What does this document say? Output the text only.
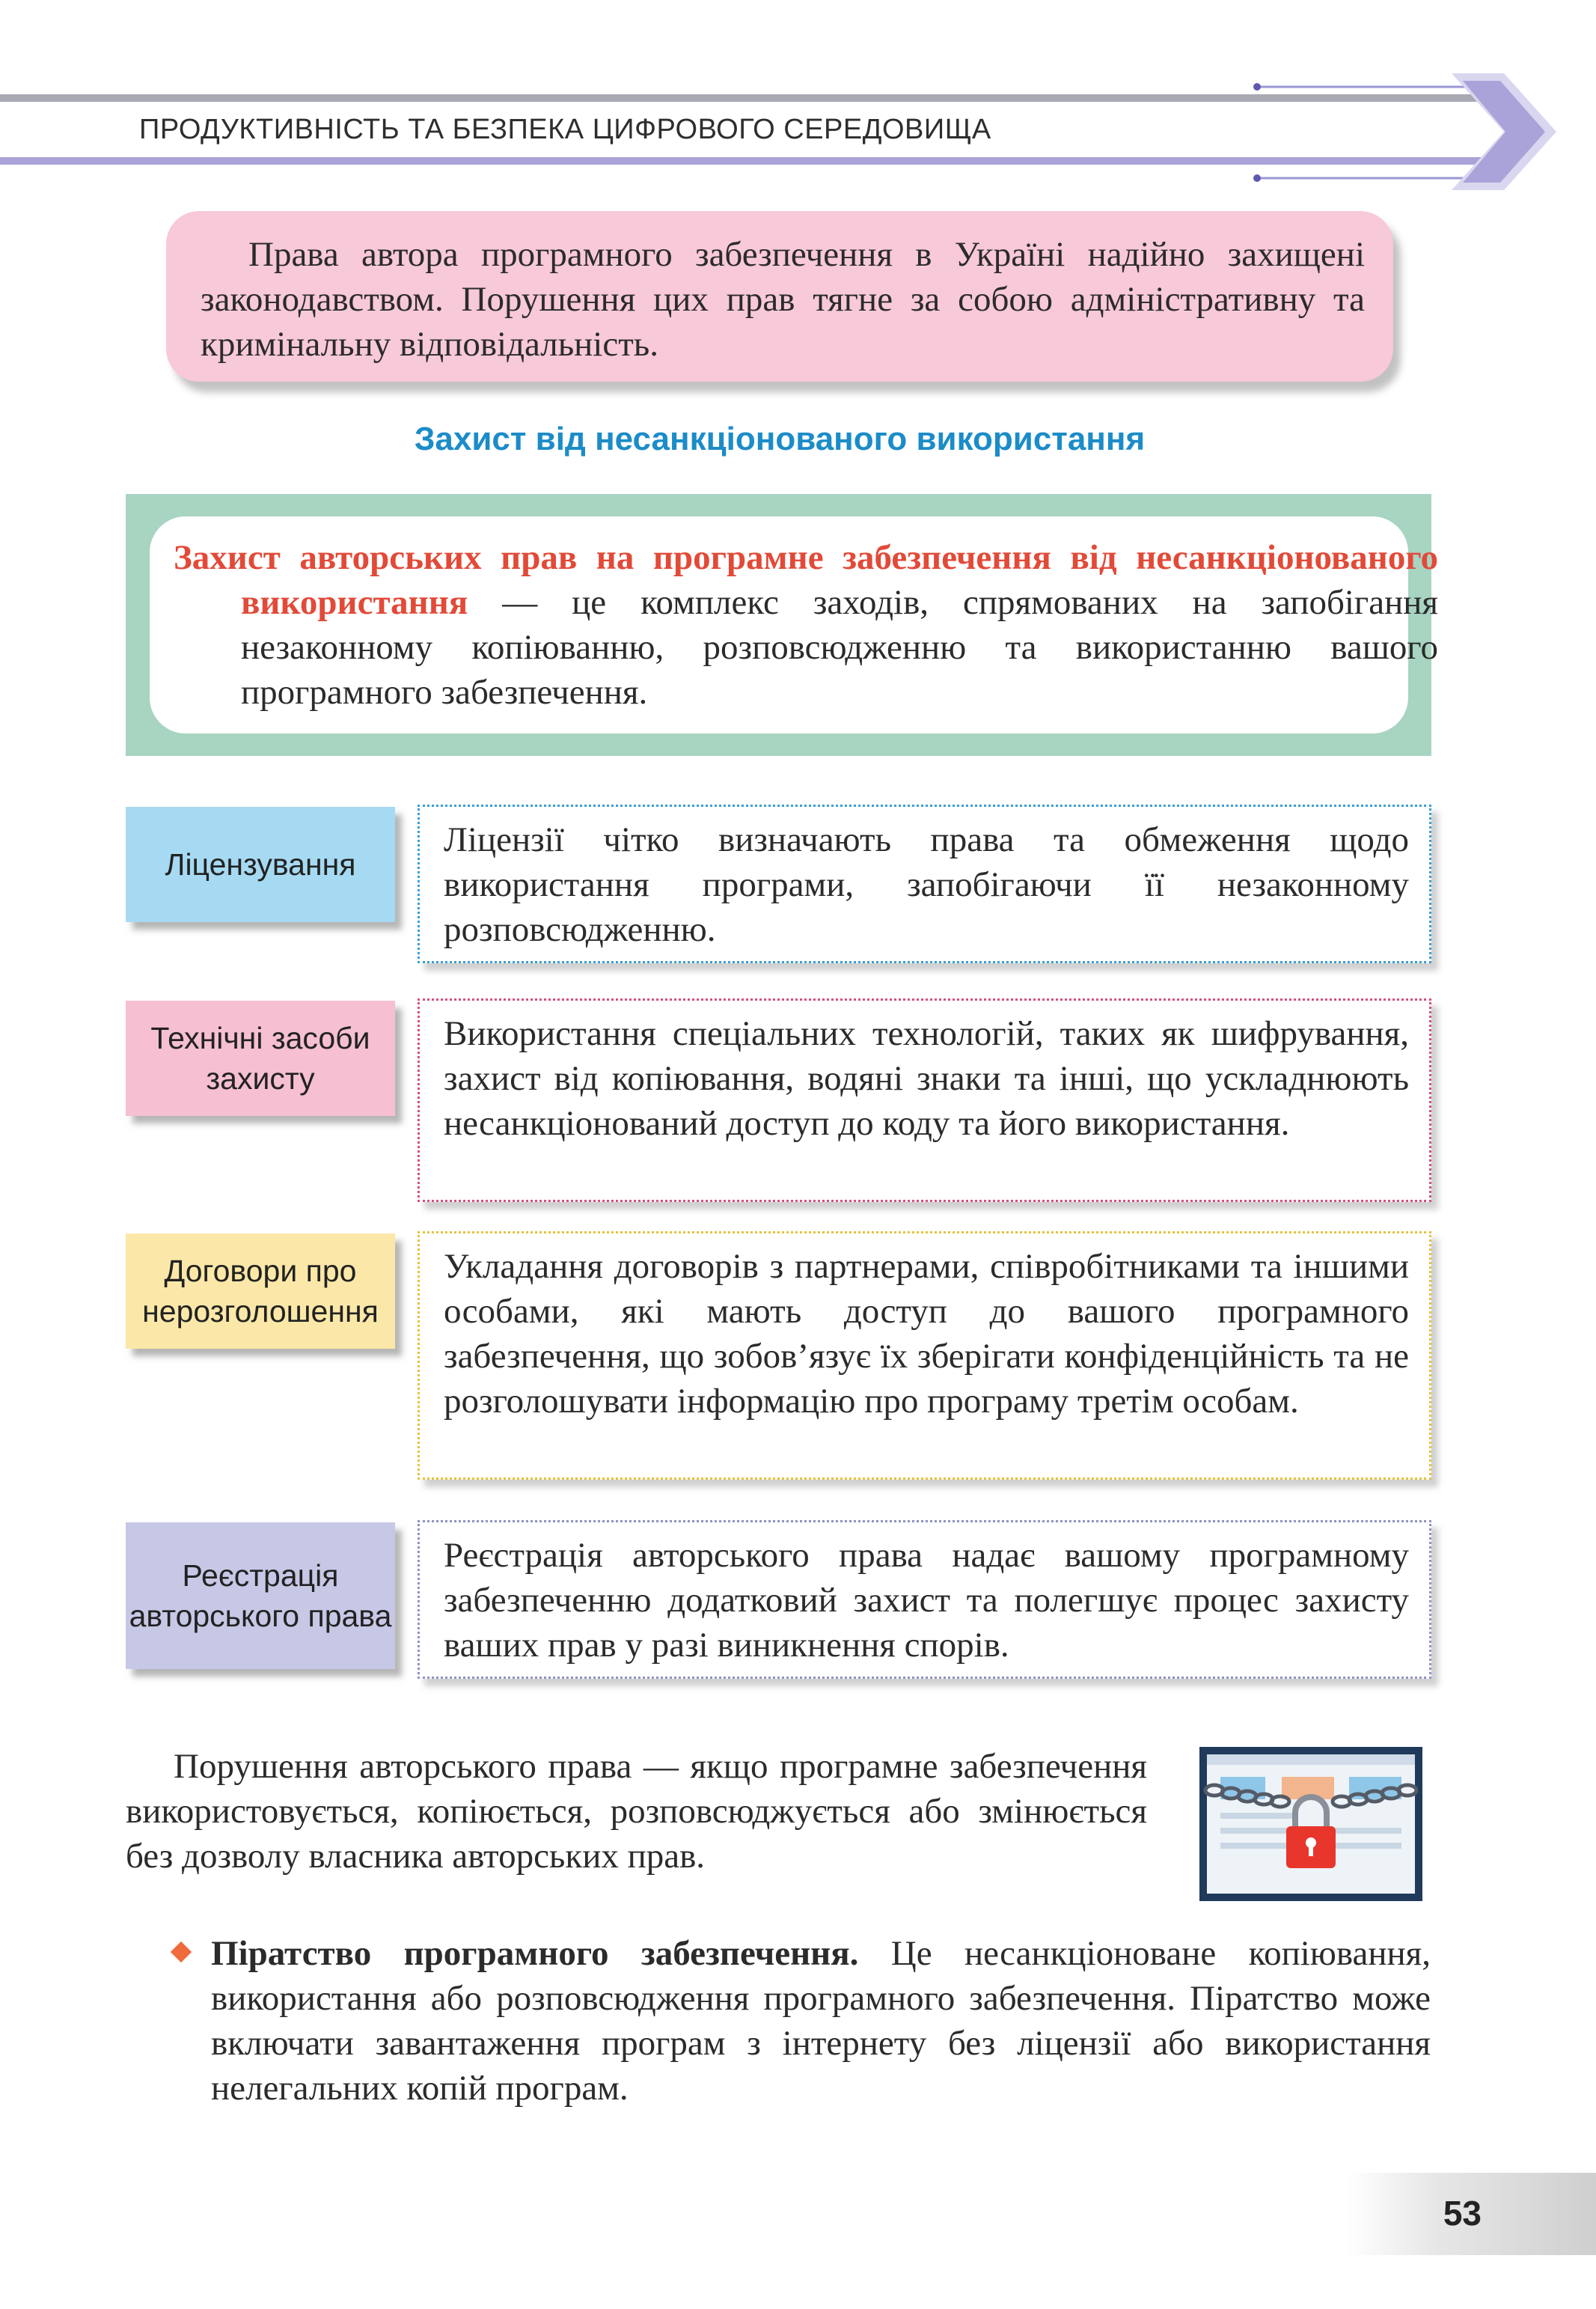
ПРОДУКТИВНІСТЬ ТА БЕЗПЕКА ЦИФРОВОГО СЕРЕДОВИЩА
Права автора програмного забезпечення в Україні надійно захищені законодавством. Порушення цих прав тягне за собою адміністративну та кримінальну відповідальність.
Захист від несанкціонованого використання
Захист авторських прав на програмне забезпечення від несанкціонованого використання — це комплекс заходів, спрямованих на запобігання незаконному копіюванню, розповсюдженню та використанню вашого програмного забезпечення.
Ліцензування
Ліцензії чітко визначають права та обмеження щодо використання програми, запобігаючи її незаконному розповсюдженню.
Технічні засоби захисту
Використання спеціальних технологій, таких як шифрування, захист від копіювання, водяні знаки та інші, що ускладнюють несанкціонований доступ до коду та його використання.
Договори про нерозголошення
Укладання договорів з партнерами, співробітниками та іншими особами, які мають доступ до вашого програмного забезпечення, що зобов’язує їх зберігати конфіденційність та не розголошувати інформацію про програму третім особам.
Реєстрація авторського права
Реєстрація авторського права надає вашому програмному забезпеченню додатковий захист та полегшує процес захисту ваших прав у разі виникнення спорів.
Порушення авторського права — якщо програмне забезпечення використовується, копіюється, розповсюджується або змінюється без дозволу власника авторських прав.
Піратство програмного забезпечення. Це несанкціоноване копіювання, використання або розповсюдження програмного забезпечення. Піратство може включати завантаження програм з інтернету без ліцензії або використання нелегальних копій програм.
53
